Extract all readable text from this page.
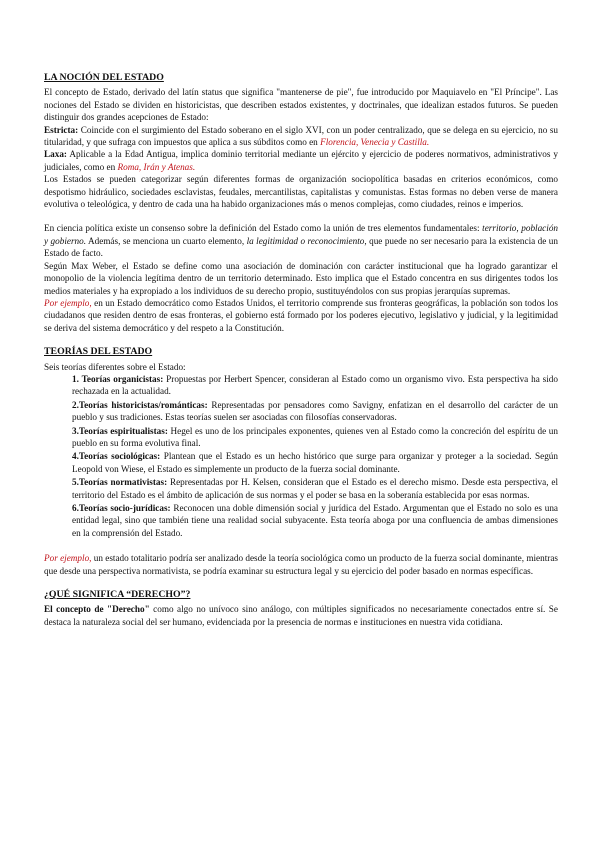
LA NOCIÓN DEL ESTADO

El concepto de Estado, derivado del latín status que significa "mantenerse de pie", fue introducido por Maquiavelo en "El Príncipe". Las nociones del Estado se dividen en historicistas, que describen estados existentes, y doctrinales, que idealizan estados futuros. Se pueden distinguir dos grandes acepciones de Estado:

Estricta: Coincide con el surgimiento del Estado soberano en el siglo XVI, con un poder centralizado, que se delega en su ejercicio, no su titularidad, y que sufraga con impuestos que aplica a sus súbditos como en Florencia, Venecia y Castilla.

Laxa: Aplicable a la Edad Antigua, implica dominio territorial mediante un ejército y ejercicio de poderes normativos, administrativos y judiciales, como en Roma, Irán y Atenas.

Los Estados se pueden categorizar según diferentes formas de organización sociopolítica basadas en criterios económicos, como despotismo hidráulico, sociedades esclavistas, feudales, mercantilistas, capitalistas y comunistas. Estas formas no deben verse de manera evolutiva o teleológica, y dentro de cada una ha habido organizaciones más o menos complejas, como ciudades, reinos e imperios.

En ciencia política existe un consenso sobre la definición del Estado como la unión de tres elementos fundamentales: territorio, población y gobierno. Además, se menciona un cuarto elemento, la legitimidad o reconocimiento, que puede no ser necesario para la existencia de un Estado de facto.

Según Max Weber, el Estado se define como una asociación de dominación con carácter institucional que ha logrado garantizar el monopolio de la violencia legítima dentro de un territorio determinado. Esto implica que el Estado concentra en sus dirigentes todos los medios materiales y ha expropiado a los individuos de su derecho propio, sustituyéndolos con sus propias jerarquías supremas.

Por ejemplo, en un Estado democrático como Estados Unidos, el territorio comprende sus fronteras geográficas, la población son todos los ciudadanos que residen dentro de esas fronteras, el gobierno está formado por los poderes ejecutivo, legislativo y judicial, y la legitimidad se deriva del sistema democrático y del respeto a la Constitución.

TEORÍAS DEL ESTADO

Seis teorías diferentes sobre el Estado:

1. Teorías organicistas: Propuestas por Herbert Spencer, consideran al Estado como un organismo vivo. Esta perspectiva ha sido rechazada en la actualidad.

2.Teorías historicistas/románticas: Representadas por pensadores como Savigny, enfatizan en el desarrollo del carácter de un pueblo y sus tradiciones. Estas teorías suelen ser asociadas con filosofías conservadoras.

3.Teorías espiritualistas: Hegel es uno de los principales exponentes, quienes ven al Estado como la concreción del espíritu de un pueblo en su forma evolutiva final.

4.Teorías sociológicas: Plantean que el Estado es un hecho histórico que surge para organizar y proteger a la sociedad. Según Leopold von Wiese, el Estado es simplemente un producto de la fuerza social dominante.

5.Teorías normativistas: Representadas por H. Kelsen, consideran que el Estado es el derecho mismo. Desde esta perspectiva, el territorio del Estado es el ámbito de aplicación de sus normas y el poder se basa en la soberanía establecida por esas normas.

6.Teorías socio-jurídicas: Reconocen una doble dimensión social y jurídica del Estado. Argumentan que el Estado no solo es una entidad legal, sino que también tiene una realidad social subyacente. Esta teoría aboga por una confluencia de ambas dimensiones en la comprensión del Estado.

Por ejemplo, un estado totalitario podría ser analizado desde la teoría sociológica como un producto de la fuerza social dominante, mientras que desde una perspectiva normativista, se podría examinar su estructura legal y su ejercicio del poder basado en normas específicas.

¿QUÉ SIGNIFICA “DERECHO”?

El concepto de "Derecho" como algo no unívoco sino análogo, con múltiples significados no necesariamente conectados entre sí. Se destaca la naturaleza social del ser humano, evidenciada por la presencia de normas e instituciones en nuestra vida cotidiana.
